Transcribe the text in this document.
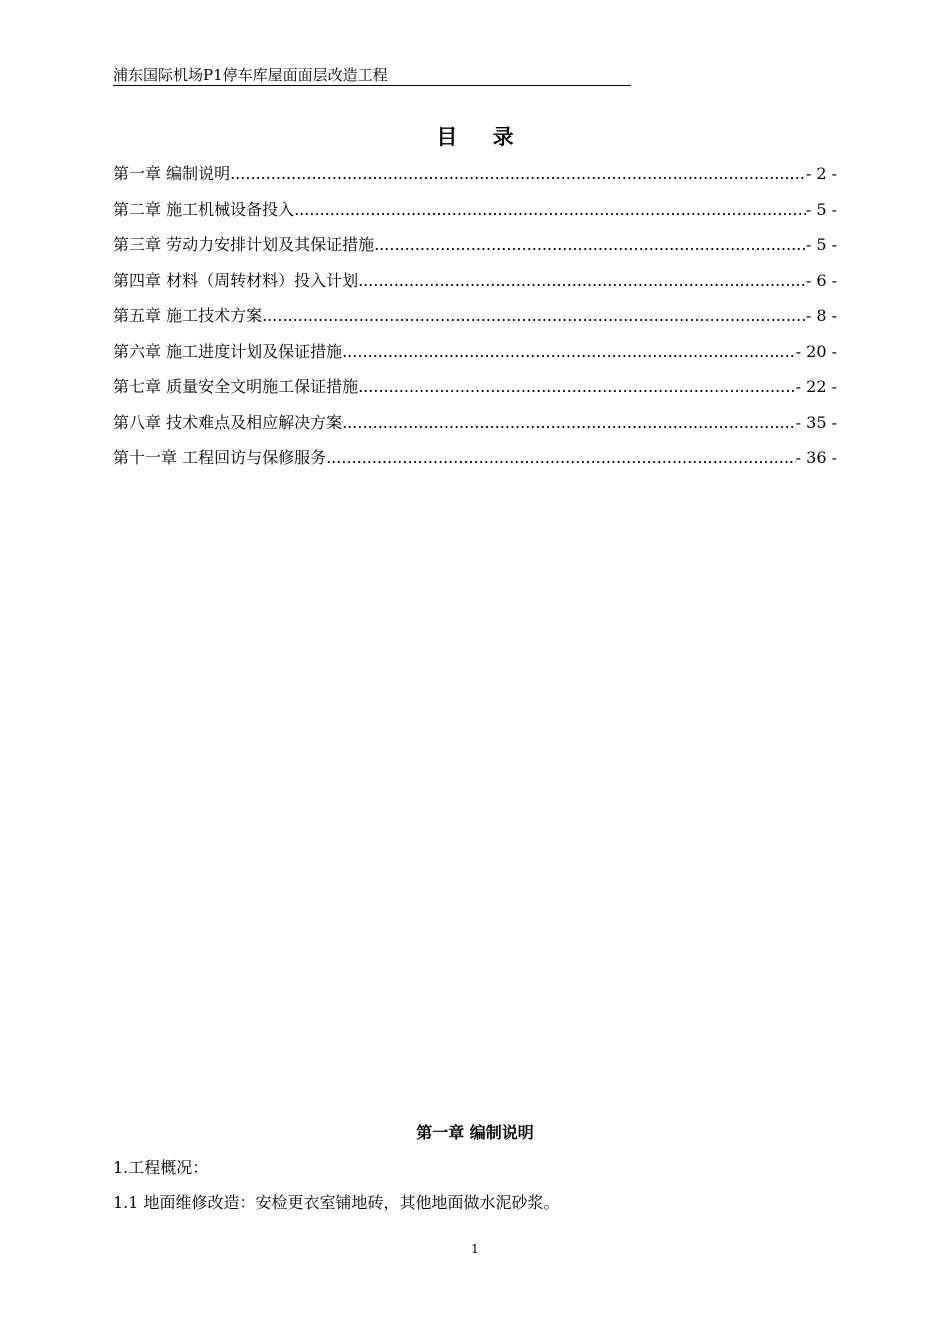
浦东国际机场P1停车库屋面面层改造工程
目 录
第一章 编制说明 .....	- 2 -
第二章 施工机械设备投入 .....	- 5 -
第三章 劳动力安排计划及其保证措施 .....	- 5 -
第四章 材料（周转材料）投入计划 .....	- 6 -
第五章 施工技术方案 .....	- 8 -
第六章 施工进度计划及保证措施 .....	- 20 -
第七章 质量安全文明施工保证措施 .....	- 22 -
第八章 技术难点及相应解决方案 .....	- 35 -
第十一章 工程回访与保修服务 .....	- 36 -
第一章 编制说明
1.工程概况：
1.1 地面维修改造：安检更衣室铺地砖，其他地面做水泥砂浆。
1
